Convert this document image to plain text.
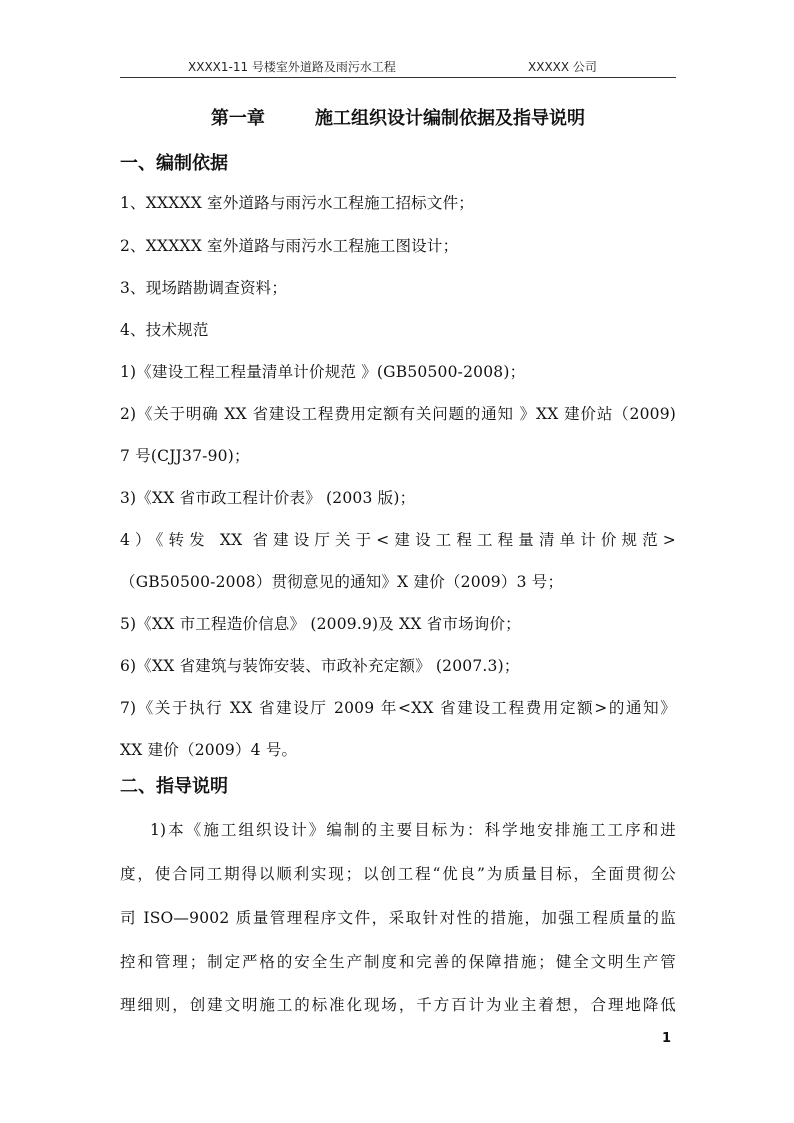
XXXX1-11 号楼室外道路及雨污水工程	XXXXX 公司
第一章        施工组织设计编制依据及指导说明
一、编制依据
1、XXXXX 室外道路与雨污水工程施工招标文件；
2、XXXXX 室外道路与雨污水工程施工图设计；
3、现场踏勘调查资料；
4、技术规范
1)《建设工程工程量清单计价规范 》(GB50500-2008)；
2)《关于明确 XX 省建设工程费用定额有关问题的通知 》XX 建价站（2009)
7 号(CJJ37-90)；
3)《XX 省市政工程计价表》 (2003 版)；
4）《转发 XX 省建设厅关于<建设工程工程量清单计价规范>
（GB50500-2008）贯彻意见的通知》X 建价（2009）3 号；
5)《XX 市工程造价信息》 (2009.9)及 XX 省市场询价；
6)《XX 省建筑与装饰安装、市政补充定额》 (2007.3)；
7)《关于执行 XX 省建设厅 2009 年<XX 省建设工程费用定额>的通知》
XX 建价（2009）4 号。
二、指导说明
1)本《施工组织设计》编制的主要目标为：科学地安排施工工序和进
度，使合同工期得以顺利实现；以创工程“优良”为质量目标，全面贯彻公
司 ISO—9002 质量管理程序文件，采取针对性的措施，加强工程质量的监
控和管理；制定严格的安全生产制度和完善的保障措施；健全文明生产管
理细则，创建文明施工的标准化现场，千方百计为业主着想，合理地降低
1
